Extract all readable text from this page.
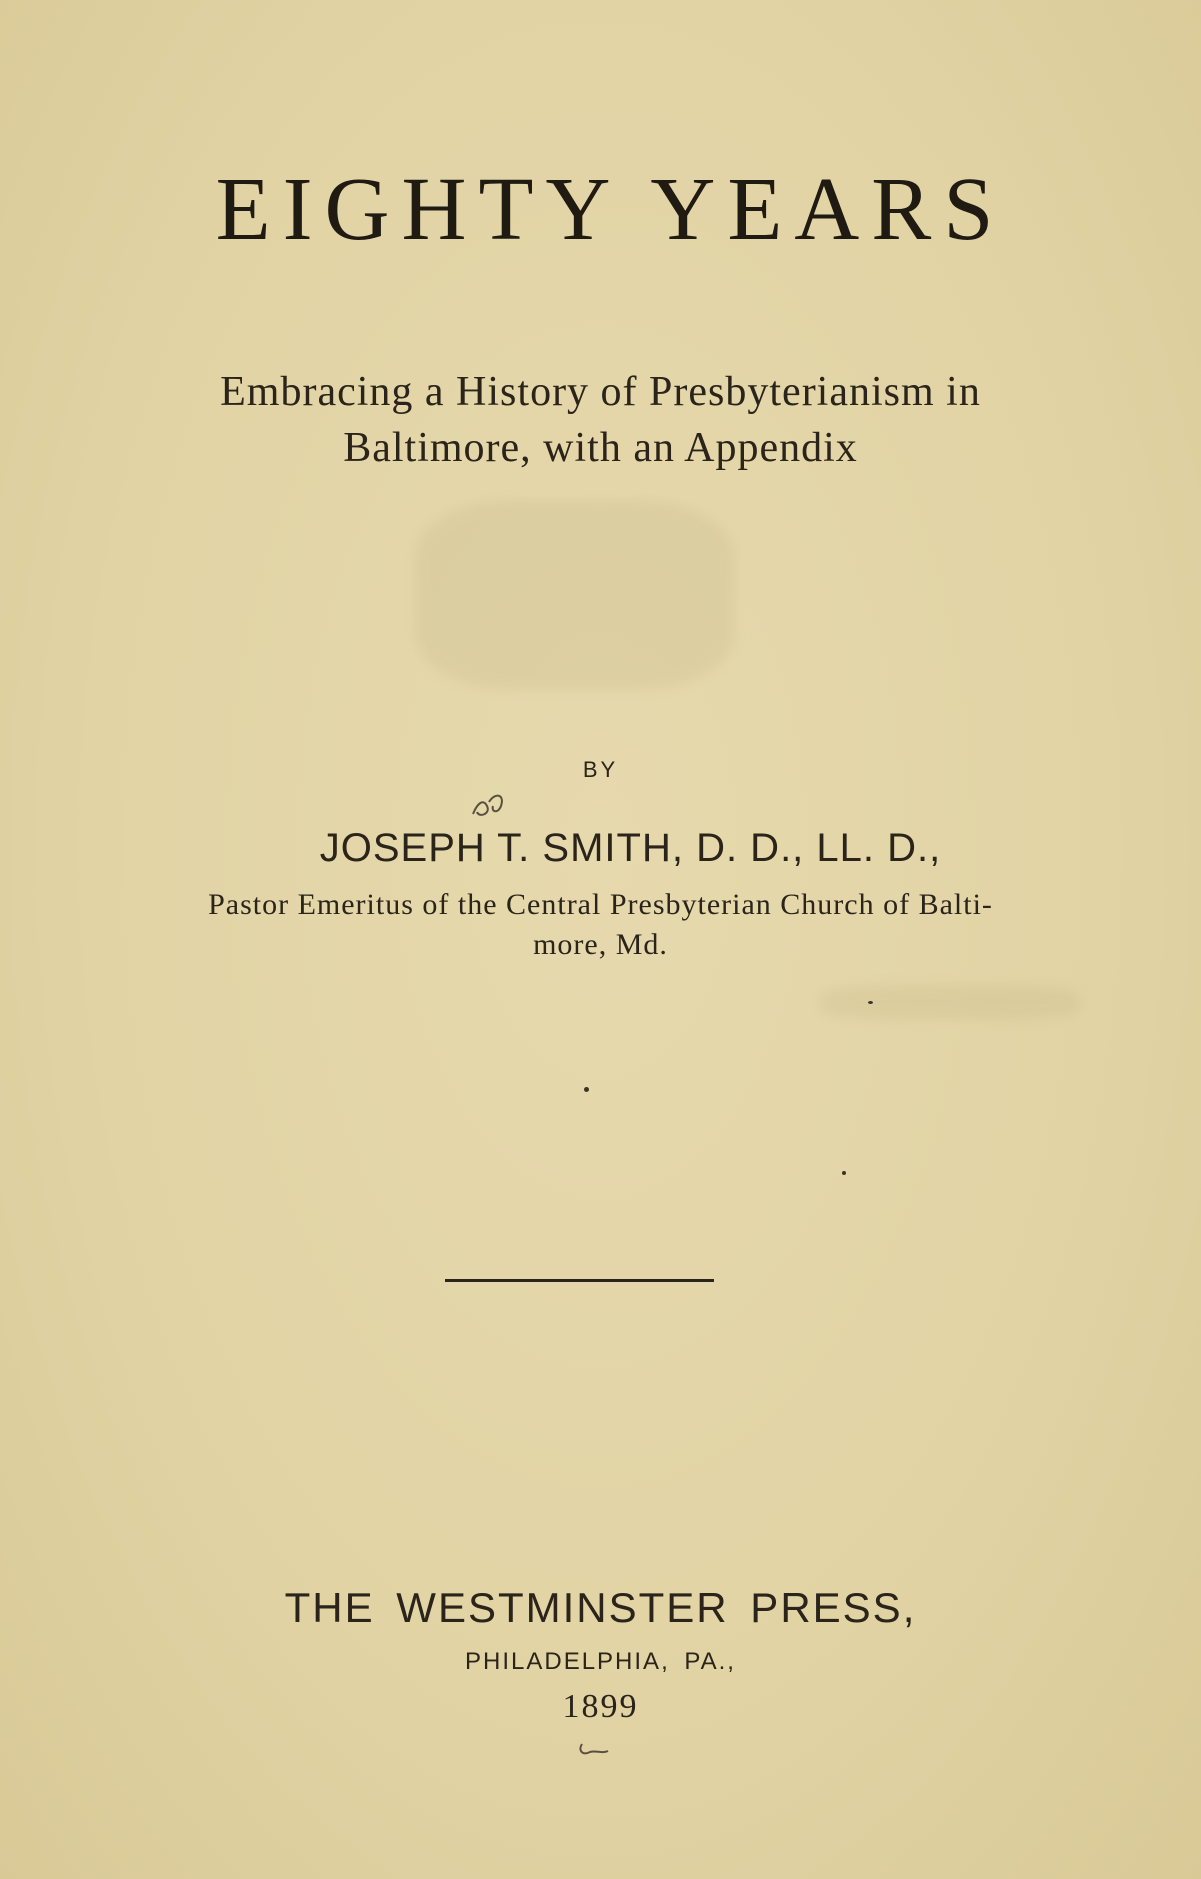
EIGHTY YEARS
Embracing a History of Presbyterianism in
Baltimore, with an Appendix
BY
JOSEPH T. SMITH, D. D., LL. D.,
Pastor Emeritus of the Central Presbyterian Church of Balti-
more, Md.
THE WESTMINSTER PRESS,
PHILADELPHIA, PA.,
1899
